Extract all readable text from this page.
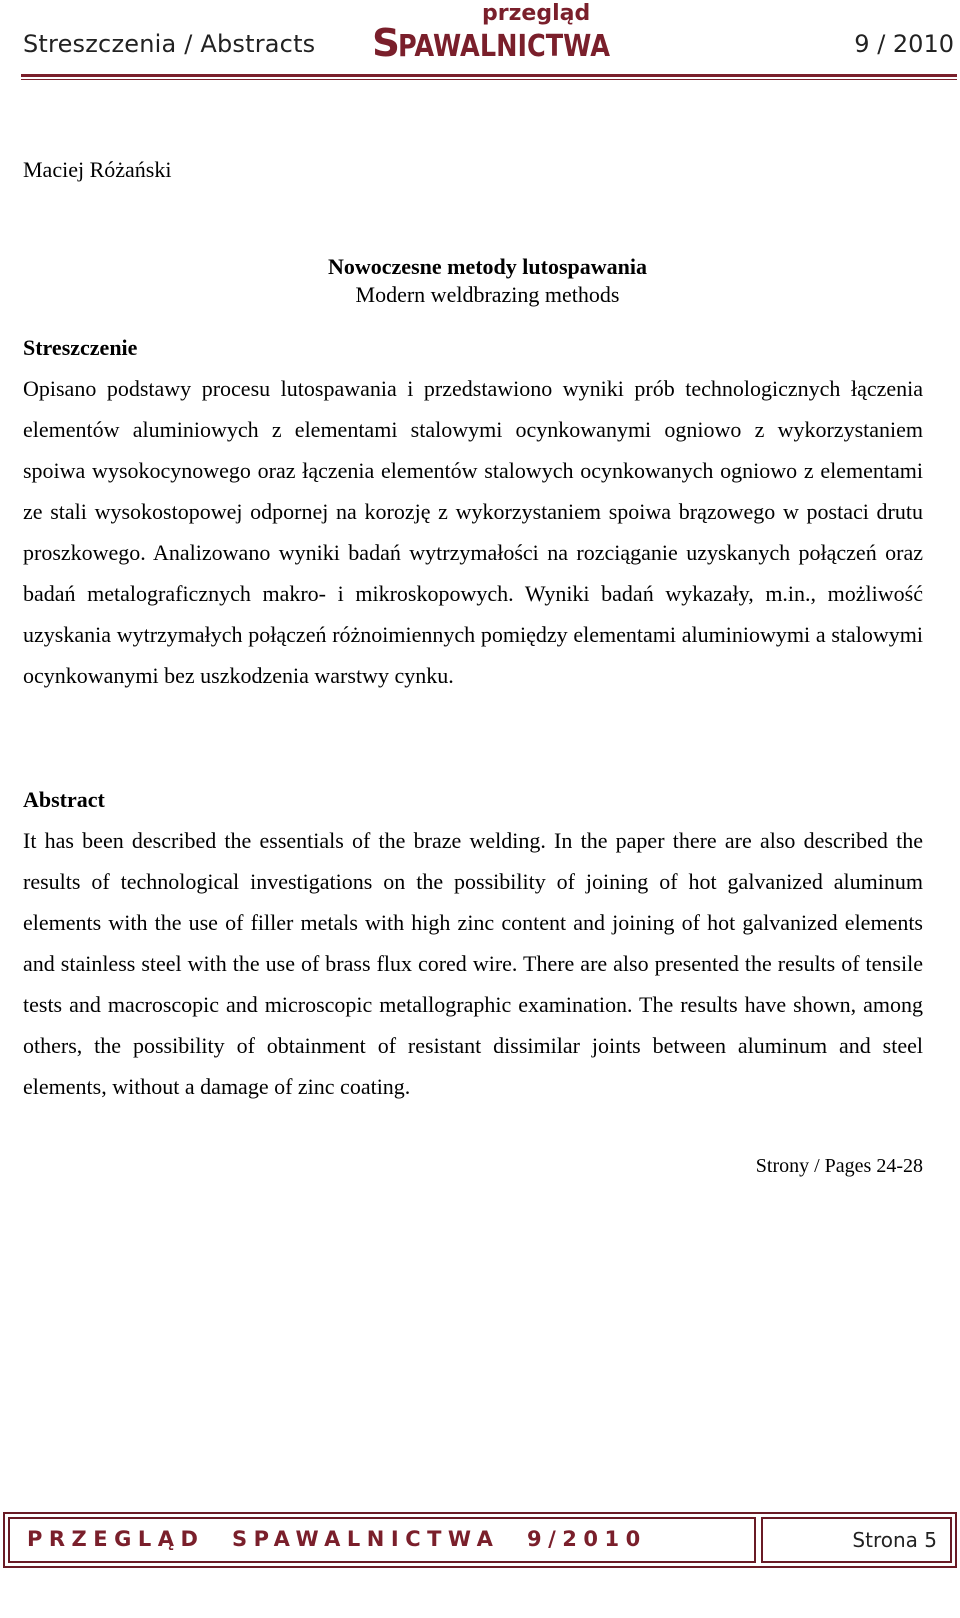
Streszczenia / Abstracts
przegląd
S
PAWALNICTWA	9 / 2010
Maciej Różański
Nowoczesne metody lutospawania
Modern weldbrazing methods
Streszczenie

Opisano podstawy procesu lutospawania i przedstawiono wyniki prób technologicznych łączenia elementów aluminiowych z elementami stalowymi ocynkowanymi ogniowo z wykorzystaniem spoiwa wysokocynowego oraz łączenia elementów stalowych ocynkowanych ogniowo z elementami ze stali wysokostopowej odpornej na korozję z wykorzystaniem spoiwa brązowego w postaci drutu proszkowego. Analizowano wyniki badań wytrzymałości na rozciąganie uzyskanych połączeń oraz badań metalograficznych makro- i mikroskopowych. Wyniki badań wykazały, m.in., możliwość uzyskania wytrzymałych połączeń różnoimiennych pomiędzy elementami aluminiowymi a stalowymi ocynkowanymi bez uszkodzenia warstwy cynku.

Abstract

It has been described the essentials of the braze welding. In the paper there are also described the results of technological investigations on the possibility of joining of hot galvanized aluminum elements with the use of filler metals with high zinc content and joining of hot galvanized elements and stainless steel with the use of brass flux cored wire. There are also presented the results of tensile tests and macroscopic and microscopic metallographic examination. The results have shown, among others, the possibility of obtainment of resistant dissimilar joints between aluminum and steel elements, without a damage of zinc coating.

Strony / Pages 24-28
PRZEGLĄD  SPAWALNICTWA  9/2010	Strona 5
